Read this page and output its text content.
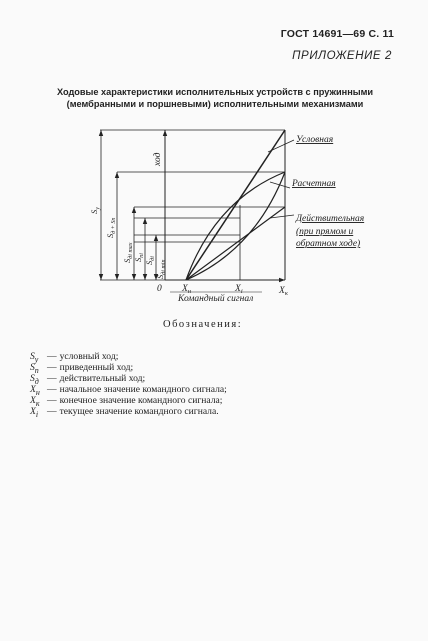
ГОСТ 14691—69 С. 11
ПРИЛОЖЕНИЕ 2
Ходовые характеристики исполнительных устройств с пружинными
(мембранными и поршневыми) исполнительными механизмами
Условная
Расчетная
Действительная
(при прямом и
обратном ходе)
ход
Командный сигнал
0 $X_н$	$X_i$	$X_к$
$S_у$
$S_{д + S}п$
$S_{дi max}$
$S_{пi}$
$S_{дi}$
$S_{дi min}$
Обозначения:
$S_у$ — условный ход;
$S_п$ — приведенный ход;
$S_д$ — действительный ход;
$X_н$ — начальное значение командного сигнала;
$X_к$ — конечное значение командного сигнала;
$X_i$ — текущее значение командного сигнала.
